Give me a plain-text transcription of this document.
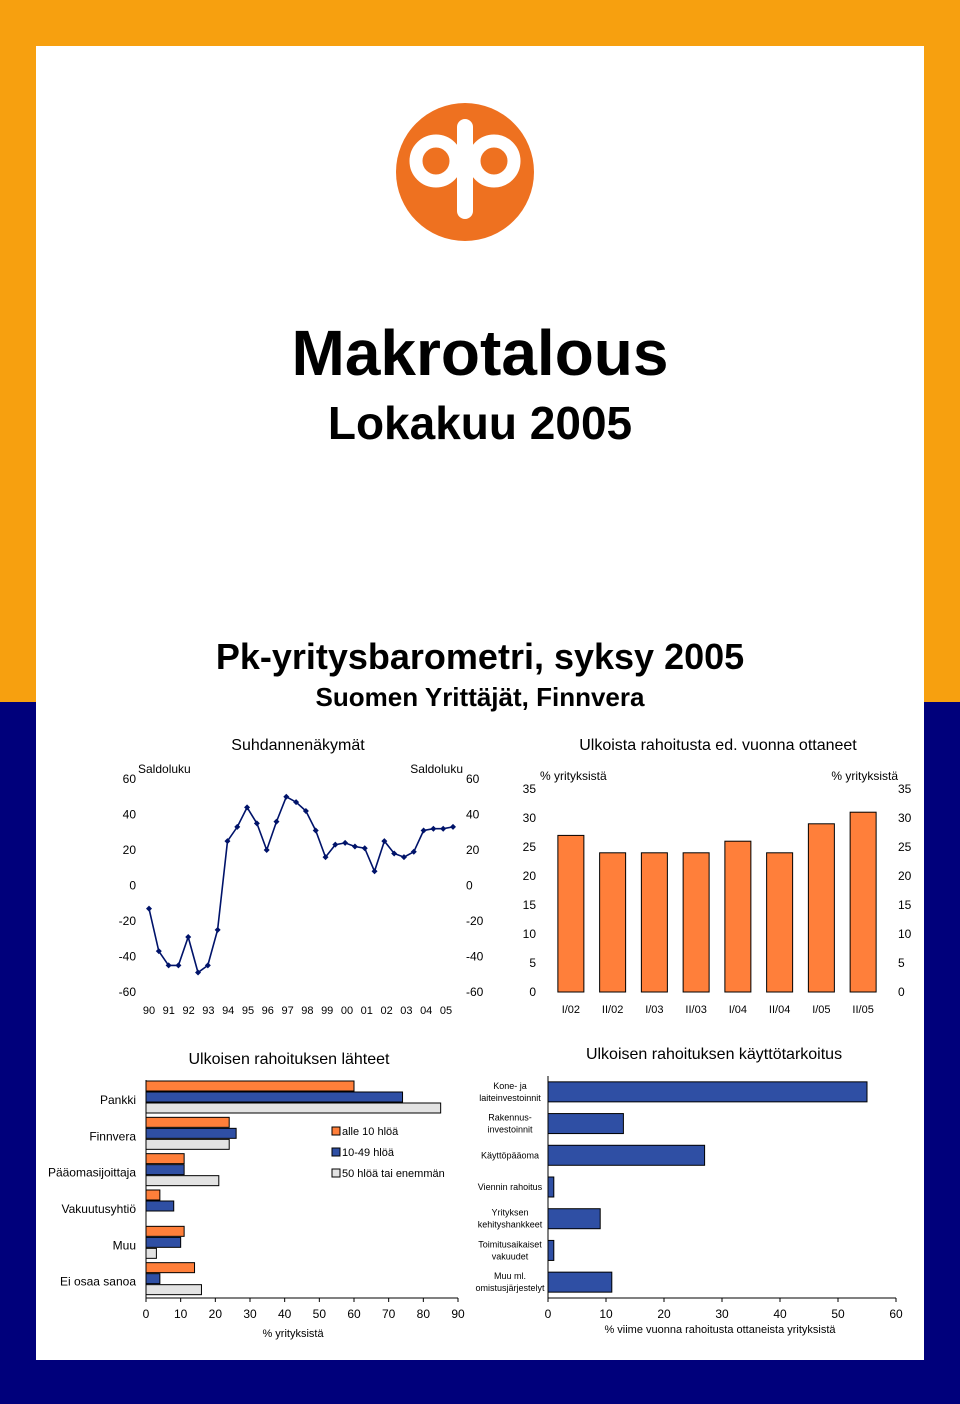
Makrotalous
Lokakuu 2005
Pk-yritysbarometri, syksy 2005
Suomen Yrittäjät, Finnvera
Suhdannenäkymät
Saldoluku	Saldoluku
60	60
40	40
20	20
0	0
-20	-20
-40	-40
-60	-60
90 91 92 93 94 95 96 97 98 99 00 01 02 03 04 05
Ulkoista rahoitusta ed. vuonna ottaneet
% yrityksistä	% yrityksistä
35	35
30	30
25	25
20	20
15	15
10	10
5	5
0	0
I/02 II/02 I/03 II/03 I/04 II/04 I/05 II/05
Ulkoisen rahoituksen lähteet
Pankki
Finnvera
Pääomasijoittaja
Vakuutusyhtiö
Muu
Ei osaa sanoa
0 10 20 30 40 50 60 70 80 90
% yrityksistä
alle 10 hlöä
10-49 hlöä
50 hlöä tai enemmän
Ulkoisen rahoituksen käyttötarkoitus
Kone- ja
laiteinvestoinnit
Rakennus-
investoinnit
Käyttöpääoma
Viennin rahoitus
Yrityksen
kehityshankkeet
Toimitusaikaiset
vakuudet
Muu ml.
omistusjärjestelyt
0	10	20	30	40	50	60
% viime vuonna rahoitusta ottaneista yrityksistä
